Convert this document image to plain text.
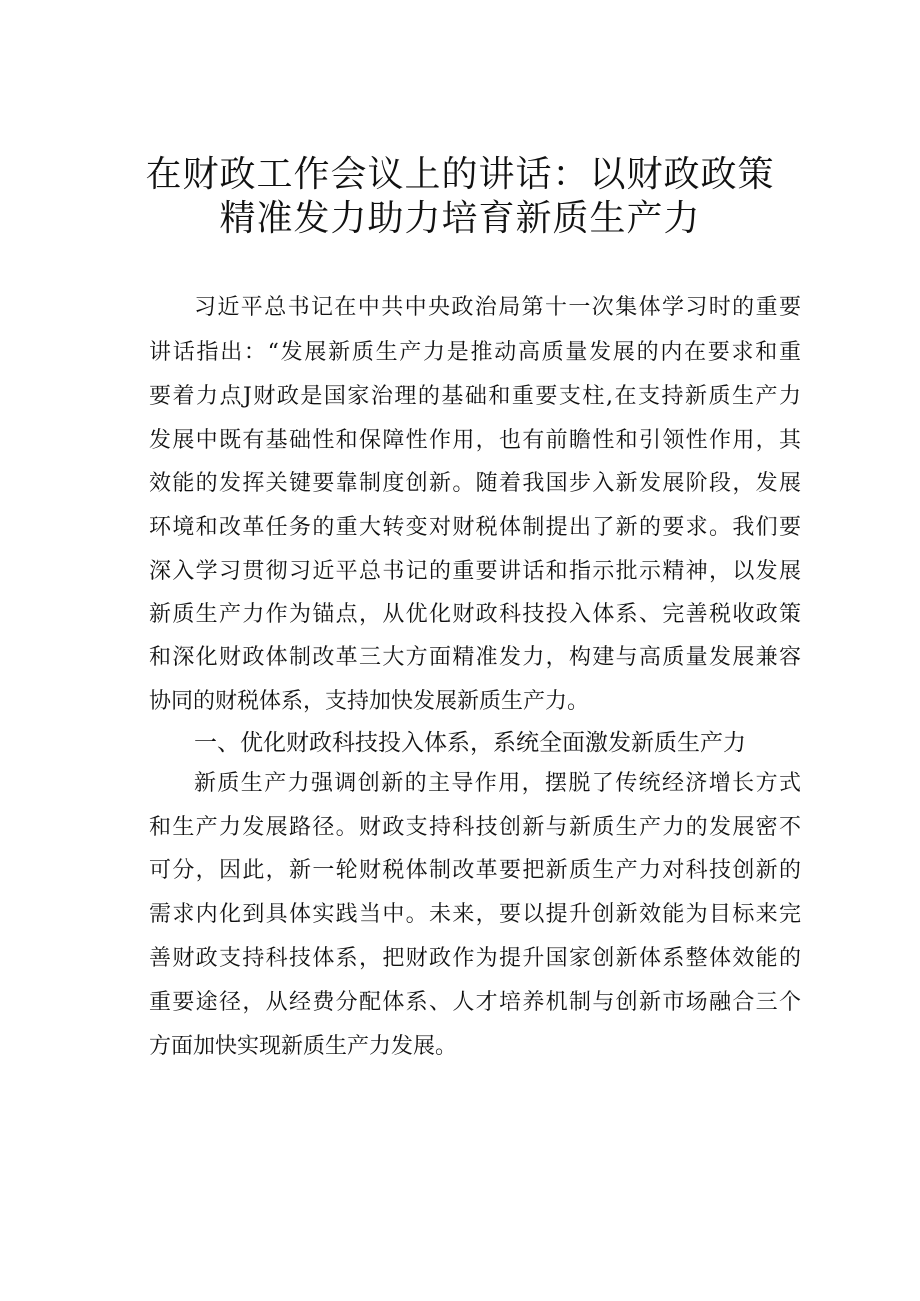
在财政工作会议上的讲话：以财政政策
精准发力助力培育新质生产力
习近平总书记在中共中央政治局第十一次集体学习时的重要
讲话指出：“发展新质生产力是推动高质量发展的内在要求和重
要着力点J财政是国家治理的基础和重要支柱,在支持新质生产力
发展中既有基础性和保障性作用，也有前瞻性和引领性作用，其
效能的发挥关键要靠制度创新。随着我国步入新发展阶段，发展
环境和改革任务的重大转变对财税体制提出了新的要求。我们要
深入学习贯彻习近平总书记的重要讲话和指示批示精神，以发展
新质生产力作为锚点，从优化财政科技投入体系、完善税收政策
和深化财政体制改革三大方面精准发力，构建与高质量发展兼容
协同的财税体系，支持加快发展新质生产力。
一、优化财政科技投入体系，系统全面激发新质生产力
新质生产力强调创新的主导作用，摆脱了传统经济增长方式
和生产力发展路径。财政支持科技创新与新质生产力的发展密不
可分，因此，新一轮财税体制改革要把新质生产力对科技创新的
需求内化到具体实践当中。未来，要以提升创新效能为目标来完
善财政支持科技体系，把财政作为提升国家创新体系整体效能的
重要途径，从经费分配体系、人才培养机制与创新市场融合三个
方面加快实现新质生产力发展。
